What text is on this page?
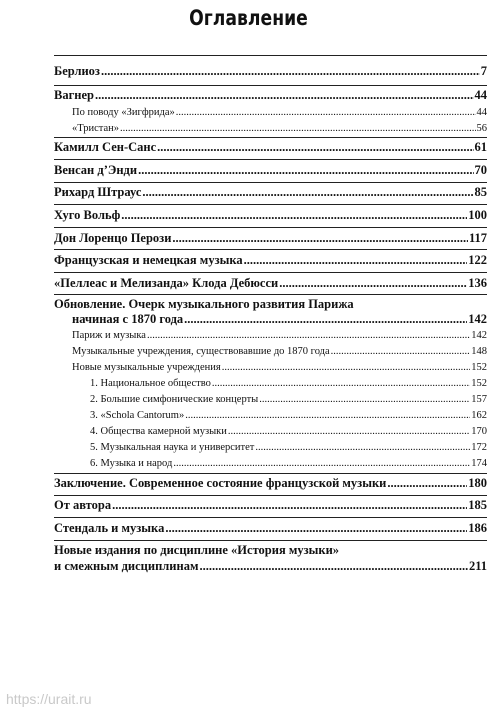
Оглавление
Берлиоз .....	7
Вагнер .....	44
По поводу «Зигфрида» .....	44
«Тристан» .....	56
Камилл Сен-Санс .....	61
Венсан д’Энди .....	70
Рихард Штраус .....	85
Хуго Вольф .....	100
Дон Лоренцо Перози .....	117
Французская и немецкая музыка .....	122
«Пеллеас и Мелизанда» Клода Дебюсси .....	136
Обновление. Очерк музыкального развития Парижа
начиная с 1870 года .....	142
Париж и музыка .....	142
Музыкальные учреждения, существовавшие до 1870 года .....	148
Новые музыкальные учреждения .....	152
1. Национальное общество .....	152
2. Большие симфонические концерты .....	157
3. «Schola Cantorum» .....	162
4. Общества камерной музыки .....	170
5. Музыкальная наука и университет .....	172
6. Музыка и народ .....	174
Заключение. Современное состояние французской музыки .....	180
От автора .....	185
Стендаль и музыка .....	186
Новые издания по дисциплине «История музыки»
и смежным дисциплинам .....	211
https://urait.ru
